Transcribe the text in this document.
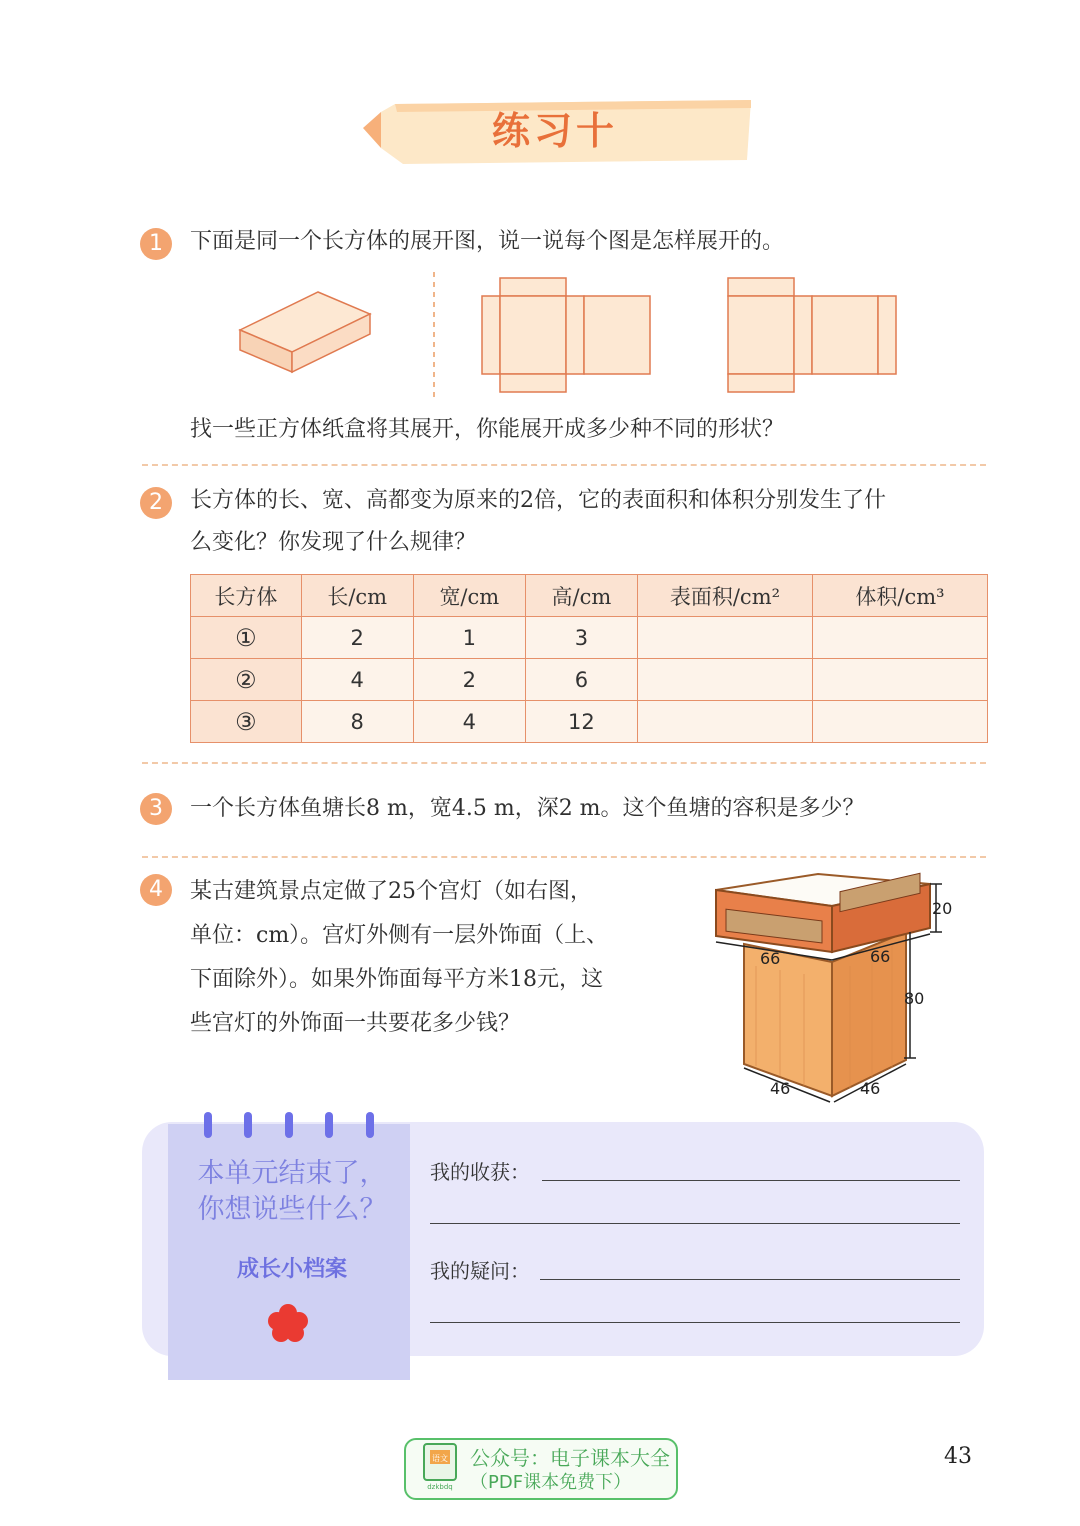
练习十
1	下面是同一个长方体的展开图，说一说每个图是怎样展开的。
找一些正方体纸盒将其展开，你能展开成多少种不同的形状？
2	长方体的长、宽、高都变为原来的2倍，它的表面积和体积分别发生了什
么变化？你发现了什么规律？
长方体	长/cm	宽/cm	高/cm	表面积/cm²	体积/cm³
①	2	1	3		
②	4	2	6		
③	8	4	12		
3	一个长方体鱼塘长8 m，宽4.5 m，深2 m。这个鱼塘的容积是多少？
4	某古建筑景点定做了25个宫灯（如右图，
单位：cm）。宫灯外侧有一层外饰面（上、
下面除外）。如果外饰面每平方米18元，这
些宫灯的外饰面一共要花多少钱？
20
66	66
80
46	46
本单元结束了，
你想说些什么？
成长小档案
我的收获：
我的疑问：
语文
dzkbdq
公众号：电子课本大全
（PDF课本免费下）
43
